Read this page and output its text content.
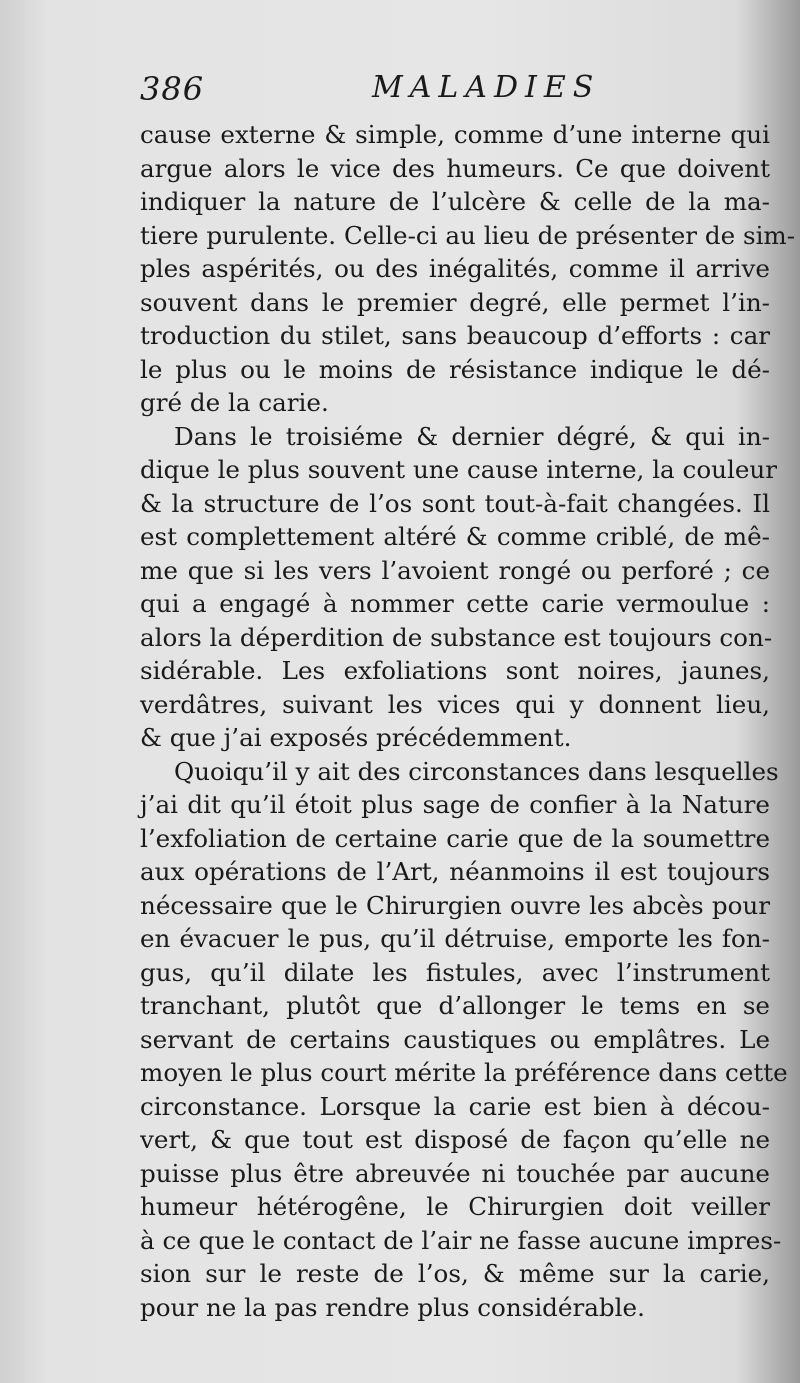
386	MALADIES
cause externe & simple, comme d’une interne qui
argue alors le vice des humeurs. Ce que doivent
indiquer la nature de l’ulcère & celle de la ma-
tiere purulente. Celle-ci au lieu de présenter de sim-
ples aspérités, ou des inégalités, comme il arrive
souvent dans le premier degré, elle permet l’in-
troduction du stilet, sans beaucoup d’efforts : car
le plus ou le moins de résistance indique le dé-
gré de la carie.
Dans le troisiéme & dernier dégré, & qui in-
dique le plus souvent une cause interne, la couleur
& la structure de l’os sont tout-à-fait changées. Il
est complettement altéré & comme criblé, de mê-
me que si les vers l’avoient rongé ou perforé ; ce
qui a engagé à nommer cette carie vermoulue :
alors la déperdition de substance est toujours con-
sidérable. Les exfoliations sont noires, jaunes,
verdâtres, suivant les vices qui y donnent lieu,
& que j’ai exposés précédemment.
Quoiqu’il y ait des circonstances dans lesquelles
j’ai dit qu’il étoit plus sage de confier à la Nature
l’exfoliation de certaine carie que de la soumettre
aux opérations de l’Art, néanmoins il est toujours
nécessaire que le Chirurgien ouvre les abcès pour
en évacuer le pus, qu’il détruise, emporte les fon-
gus, qu’il dilate les fistules, avec l’instrument
tranchant, plutôt que d’allonger le tems en se
servant de certains caustiques ou emplâtres. Le
moyen le plus court mérite la préférence dans cette
circonstance. Lorsque la carie est bien à décou-
vert, & que tout est disposé de façon qu’elle ne
puisse plus être abreuvée ni touchée par aucune
humeur hétérogêne, le Chirurgien doit veiller
à ce que le contact de l’air ne fasse aucune impres-
sion sur le reste de l’os, & même sur la carie,
pour ne la pas rendre plus considérable.
